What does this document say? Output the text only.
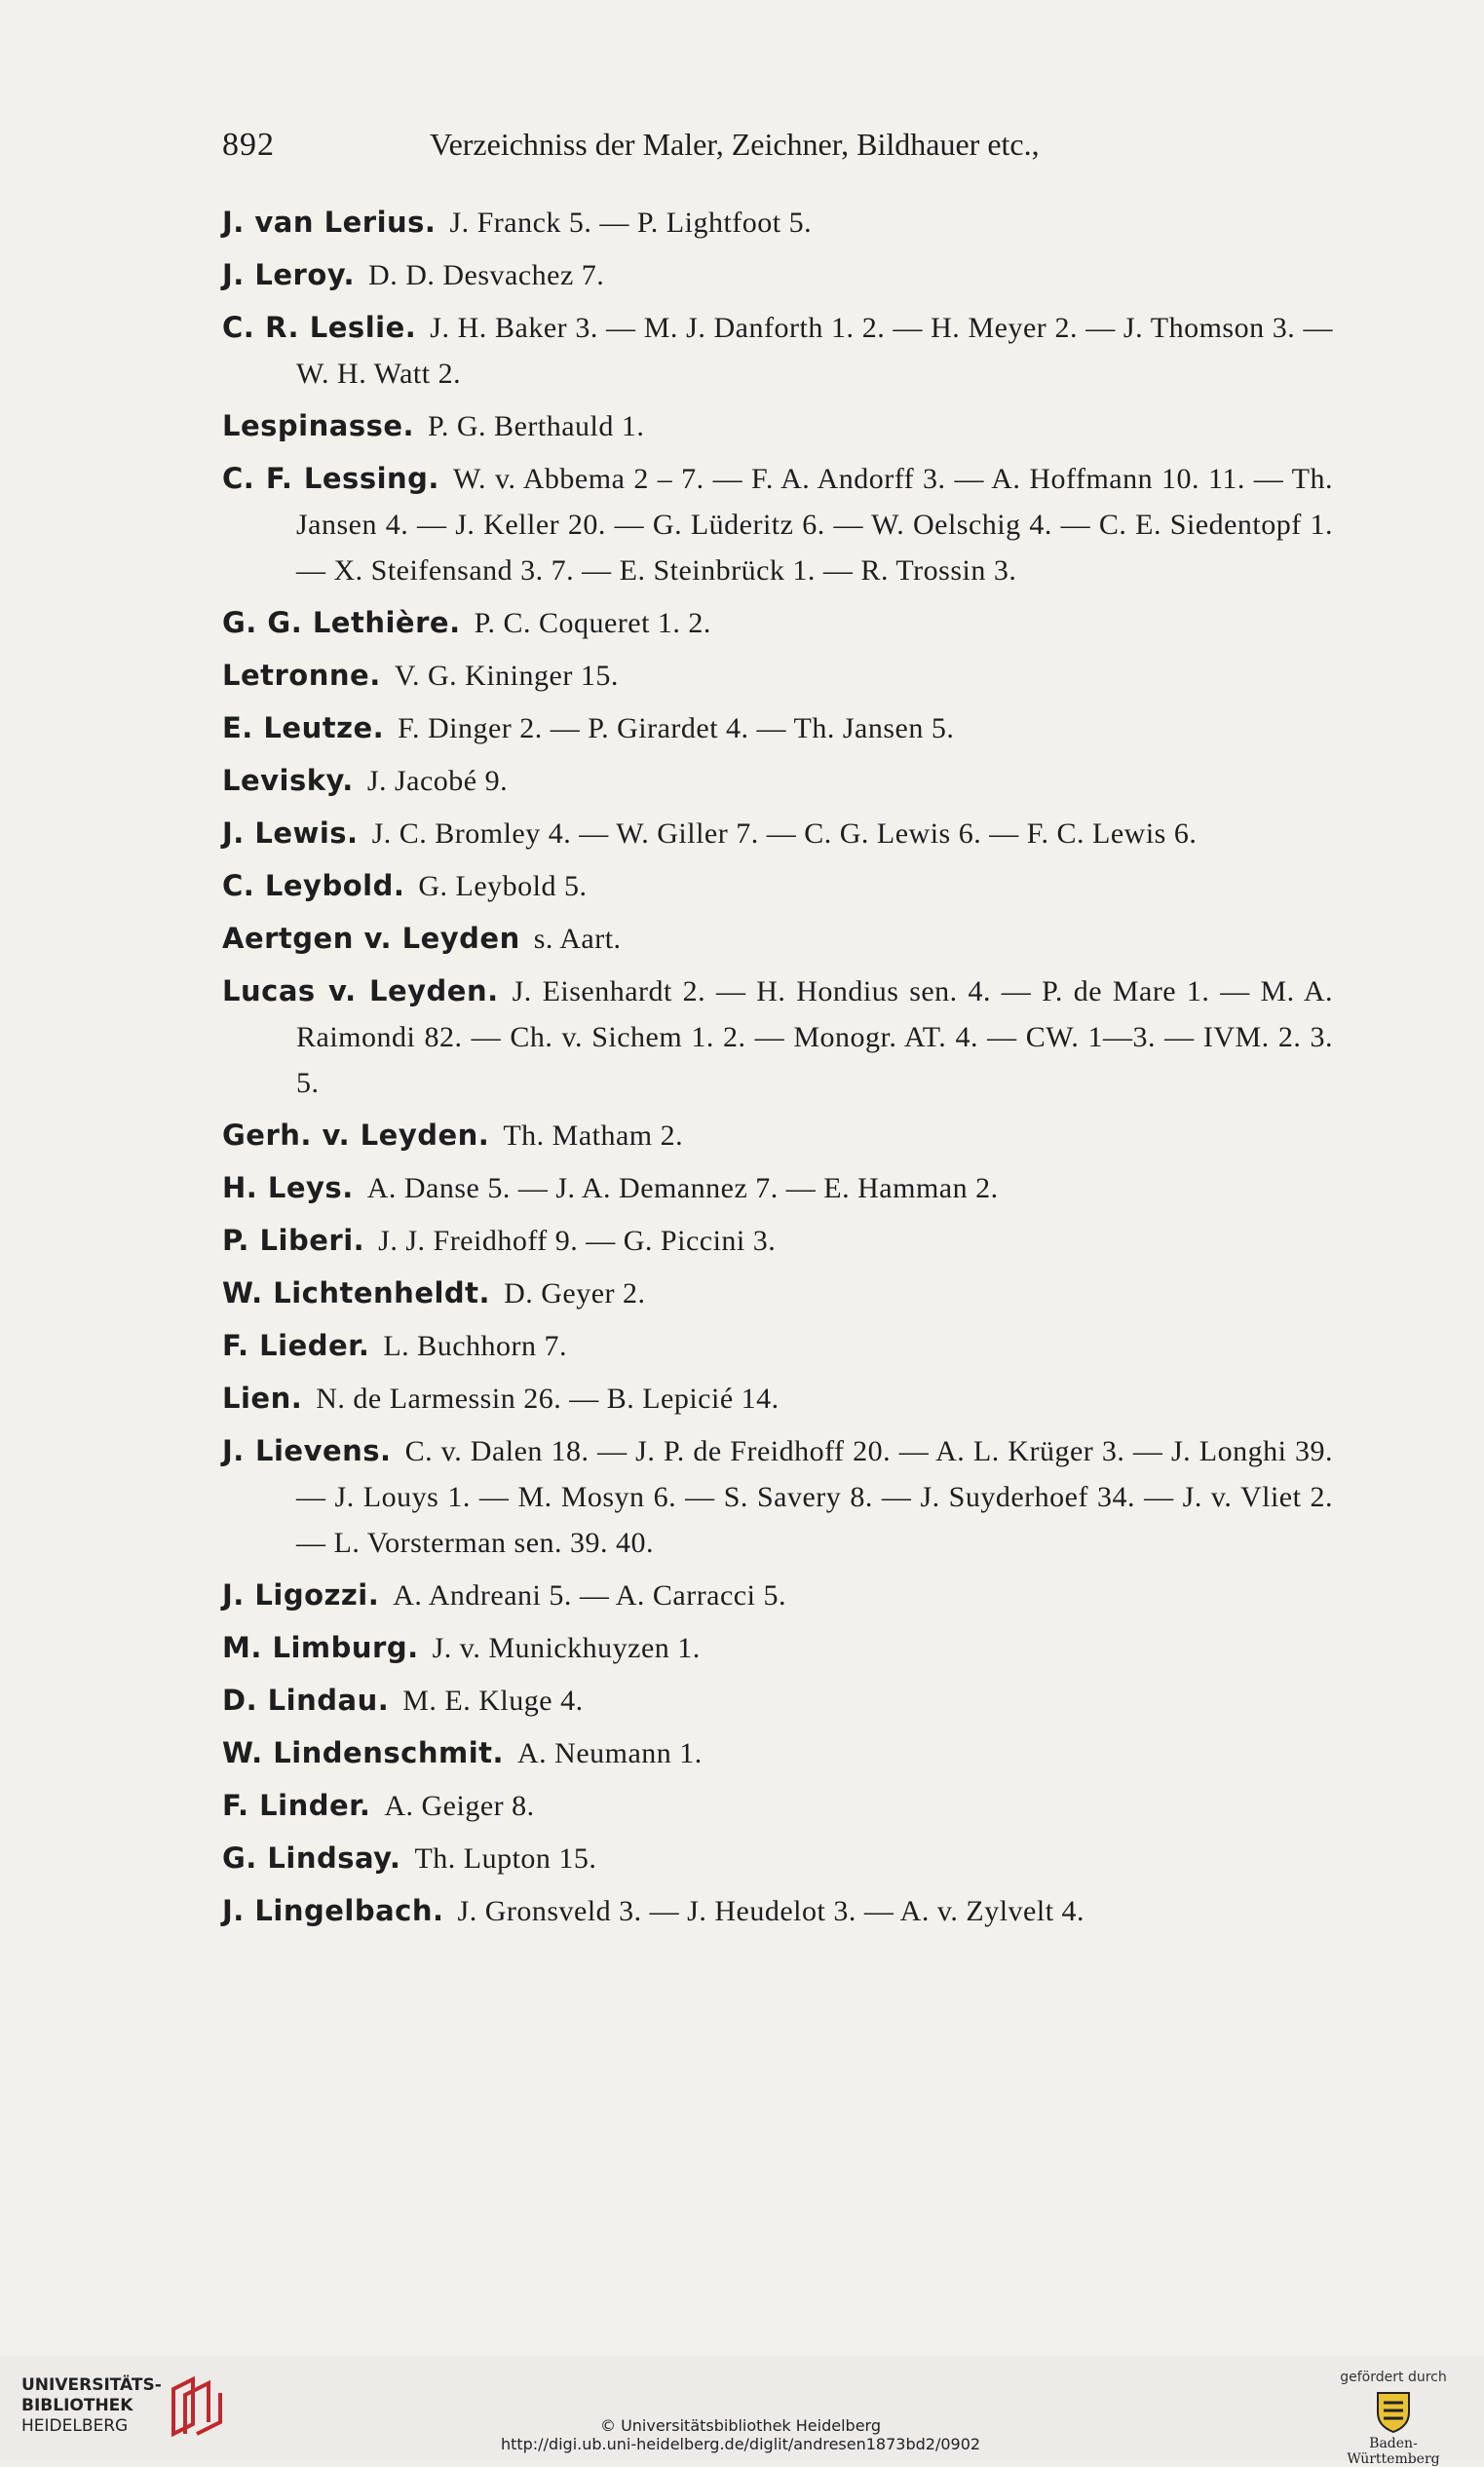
892	Verzeichniss der Maler, Zeichner, Bildhauer etc.,
J. van Lerius. J. Franck 5. — P. Lightfoot 5.
J. Leroy. D. D. Desvachez 7.
C. R. Leslie. J. H. Baker 3. — M. J. Danforth 1. 2. — H. Meyer 2. — J. Thomson 3. — W. H. Watt 2.
Lespinasse. P. G. Berthauld 1.
C. F. Lessing. W. v. Abbema 2 – 7. — F. A. Andorff 3. — A. Hoffmann 10. 11. — Th. Jansen 4. — J. Keller 20. — G. Lüderitz 6. — W. Oelschig 4. — C. E. Siedentopf 1. — X. Steifensand 3. 7. — E. Steinbrück 1. — R. Trossin 3.
G. G. Lethière. P. C. Coqueret 1. 2.
Letronne. V. G. Kininger 15.
E. Leutze. F. Dinger 2. — P. Girardet 4. — Th. Jansen 5.
Levisky. J. Jacobé 9.
J. Lewis. J. C. Bromley 4. — W. Giller 7. — C. G. Lewis 6. — F. C. Lewis 6.
C. Leybold. G. Leybold 5.
Aertgen v. Leyden s. Aart.
Lucas v. Leyden. J. Eisenhardt 2. — H. Hondius sen. 4. — P. de Mare 1. — M. A. Raimondi 82. — Ch. v. Sichem 1. 2. — Monogr. AT. 4. — CW. 1—3. — IVM. 2. 3. 5.
Gerh. v. Leyden. Th. Matham 2.
H. Leys. A. Danse 5. — J. A. Demannez 7. — E. Hamman 2.
P. Liberi. J. J. Freidhoff 9. — G. Piccini 3.
W. Lichtenheldt. D. Geyer 2.
F. Lieder. L. Buchhorn 7.
Lien. N. de Larmessin 26. — B. Lepicié 14.
J. Lievens. C. v. Dalen 18. — J. P. de Freidhoff 20. — A. L. Krüger 3. — J. Longhi 39. — J. Louys 1. — M. Mosyn 6. — S. Savery 8. — J. Suyderhoef 34. — J. v. Vliet 2. — L. Vorsterman sen. 39. 40.
J. Ligozzi. A. Andreani 5. — A. Carracci 5.
M. Limburg. J. v. Munickhuyzen 1.
D. Lindau. M. E. Kluge 4.
W. Lindenschmit. A. Neumann 1.
F. Linder. A. Geiger 8.
G. Lindsay. Th. Lupton 15.
J. Lingelbach. J. Gronsveld 3. — J. Heudelot 3. — A. v. Zylvelt 4.
UNIVERSITÄTS-
BIBLIOTHEK
HEIDELBERG	© Universitätsbibliothek Heidelberg
http://digi.ub.uni-heidelberg.de/diglit/andresen1873bd2/0902
gefördert durch
Baden-Württemberg
